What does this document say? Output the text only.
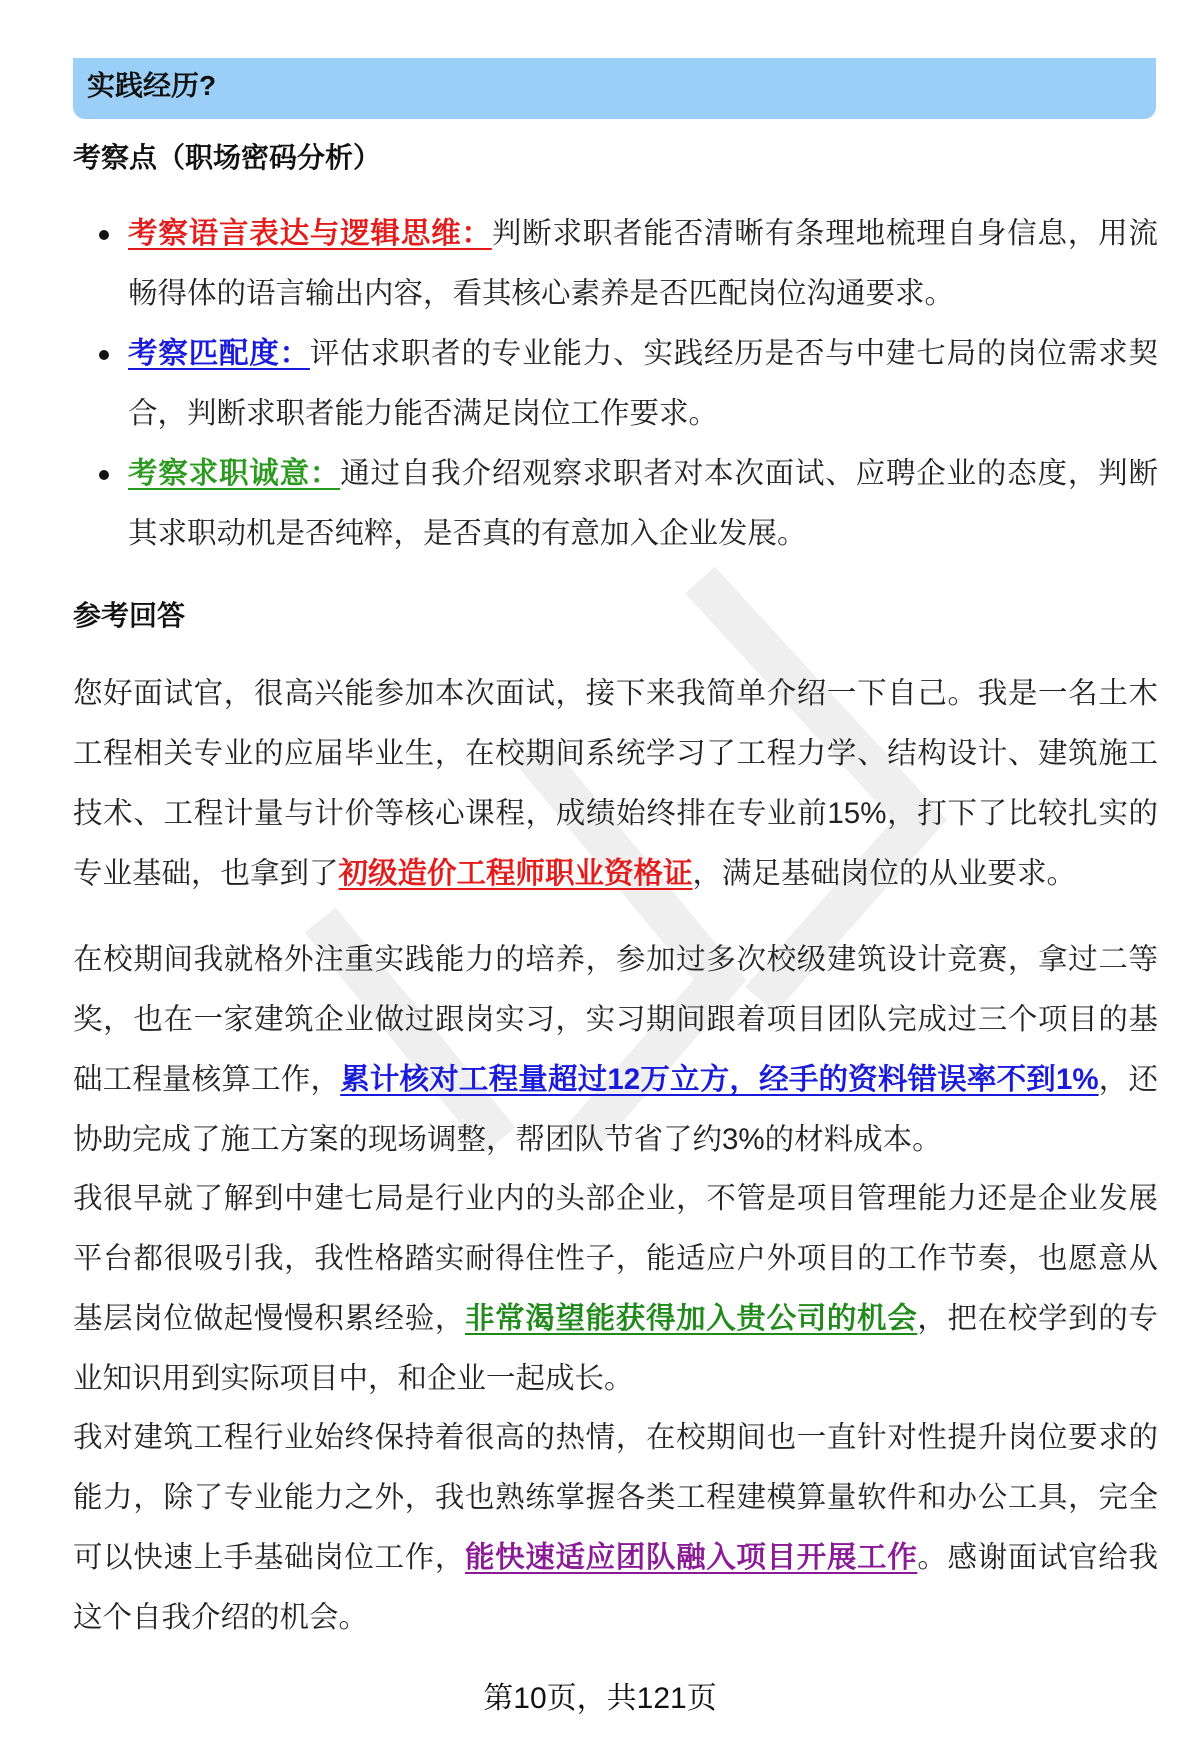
实践经历?
考察点（职场密码分析）
考察语言表达与逻辑思维：判断求职者能否清晰有条理地梳理自身信息，用流畅得体的语言输出内容，看其核心素养是否匹配岗位沟通要求。
考察匹配度：评估求职者的专业能力、实践经历是否与中建七局的岗位需求契合，判断求职者能力能否满足岗位工作要求。
考察求职诚意：通过自我介绍观察求职者对本次面试、应聘企业的态度，判断其求职动机是否纯粹，是否真的有意加入企业发展。
参考回答

您好面试官，很高兴能参加本次面试，接下来我简单介绍一下自己。我是一名土木工程相关专业的应届毕业生，在校期间系统学习了工程力学、结构设计、建筑施工技术、工程计量与计价等核心课程，成绩始终排在专业前15%，打下了比较扎实的专业基础，也拿到了初级造价工程师职业资格证，满足基础岗位的从业要求。

在校期间我就格外注重实践能力的培养，参加过多次校级建筑设计竞赛，拿过二等奖，也在一家建筑企业做过跟岗实习，实习期间跟着项目团队完成过三个项目的基础工程量核算工作，累计核对工程量超过12万立方，经手的资料错误率不到1%，还协助完成了施工方案的现场调整，帮团队节省了约3%的材料成本。

我很早就了解到中建七局是行业内的头部企业，不管是项目管理能力还是企业发展平台都很吸引我，我性格踏实耐得住性子，能适应户外项目的工作节奏，也愿意从基层岗位做起慢慢积累经验，非常渴望能获得加入贵公司的机会，把在校学到的专业知识用到实际项目中，和企业一起成长。

我对建筑工程行业始终保持着很高的热情，在校期间也一直针对性提升岗位要求的能力，除了专业能力之外，我也熟练掌握各类工程建模算量软件和办公工具，完全可以快速上手基础岗位工作，能快速适应团队融入项目开展工作。感谢面试官给我这个自我介绍的机会。

第10页，共121页
